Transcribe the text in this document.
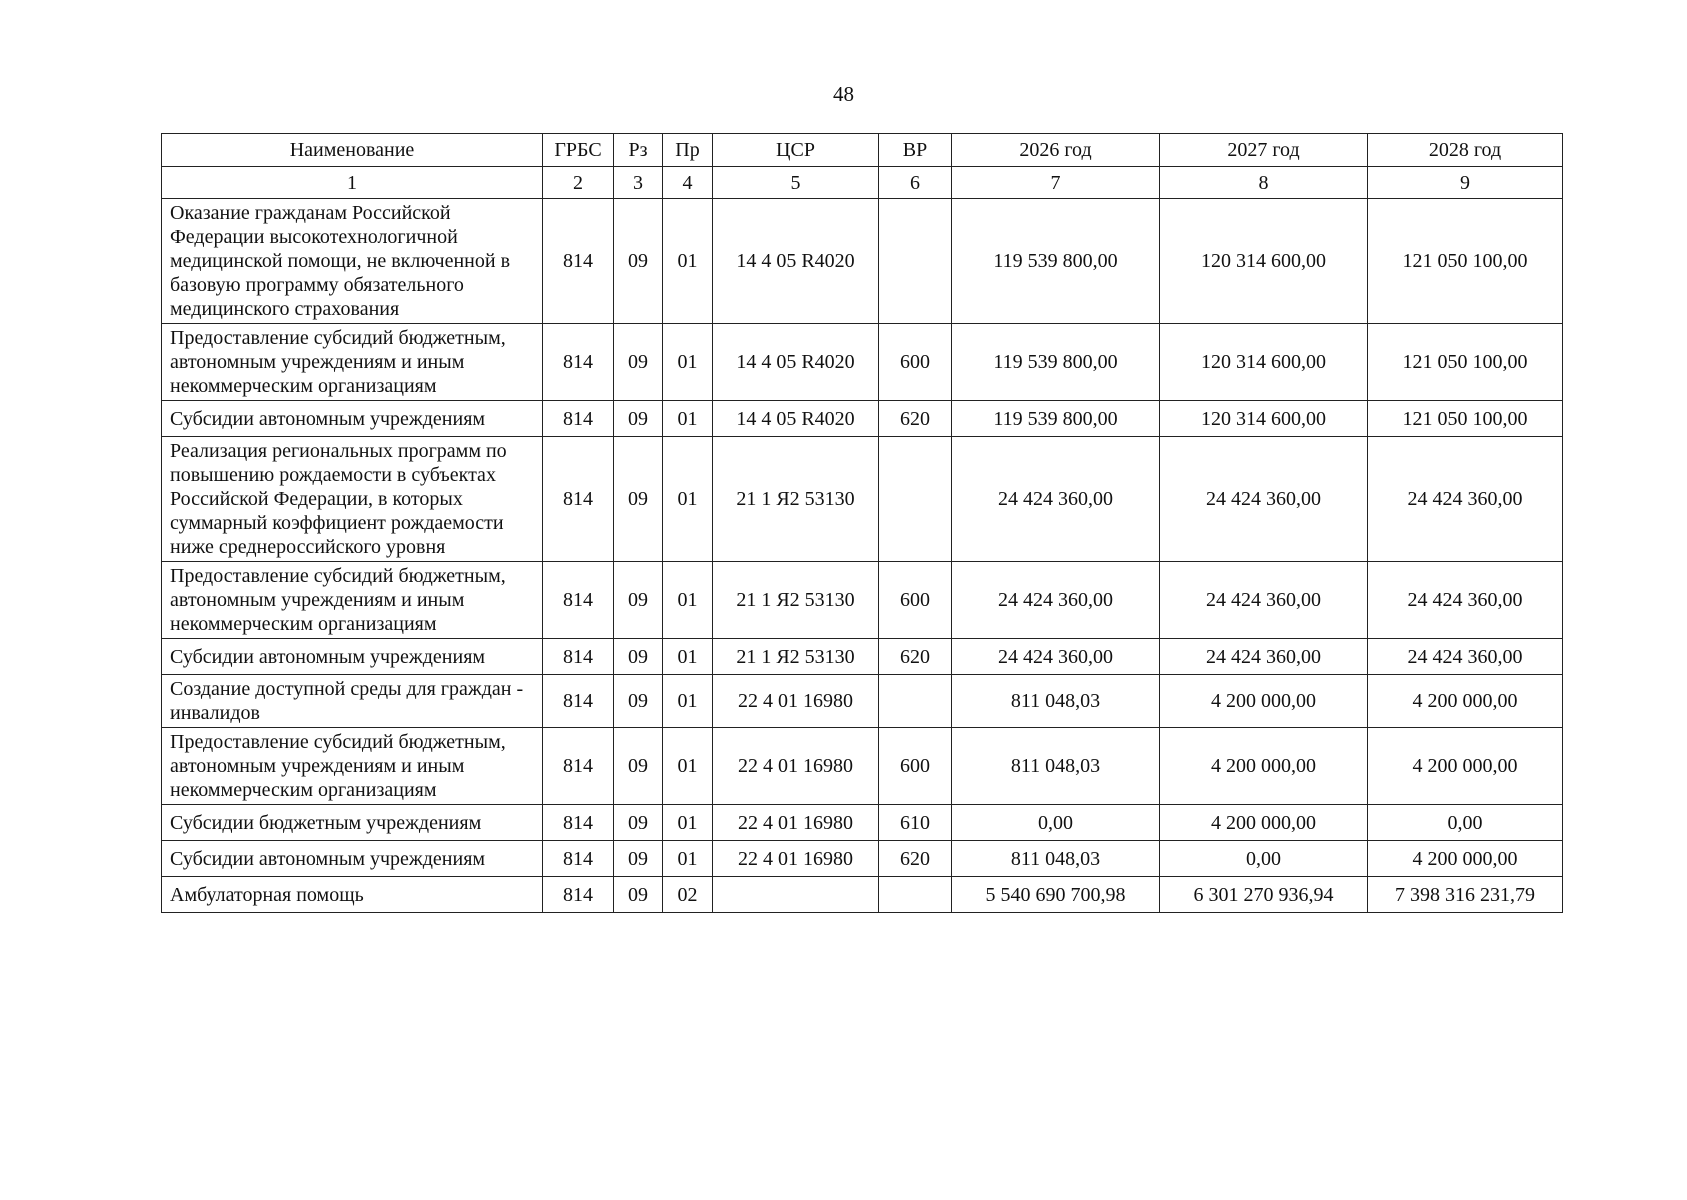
48
Наименование	ГРБС	Рз	Пр	ЦСР	ВР	2026 год	2027 год	2028 год
1	2	3	4	5	6	7	8	9
Оказание гражданам Российской Федерации высокотехнологичной медицинской помощи, не включенной в базовую программу обязательного медицинского страхования	814	09	01	14 4 05 R4020		119 539 800,00	120 314 600,00	121 050 100,00
Предоставление субсидий бюджетным, автономным учреждениям и иным некоммерческим организациям	814	09	01	14 4 05 R4020	600	119 539 800,00	120 314 600,00	121 050 100,00
Субсидии автономным учреждениям	814	09	01	14 4 05 R4020	620	119 539 800,00	120 314 600,00	121 050 100,00
Реализация региональных программ по повышению рождаемости в субъектах Российской Федерации, в которых суммарный коэффициент рождаемости ниже среднероссийского уровня	814	09	01	21 1 Я2 53130		24 424 360,00	24 424 360,00	24 424 360,00
Предоставление субсидий бюджетным, автономным учреждениям и иным некоммерческим организациям	814	09	01	21 1 Я2 53130	600	24 424 360,00	24 424 360,00	24 424 360,00
Субсидии автономным учреждениям	814	09	01	21 1 Я2 53130	620	24 424 360,00	24 424 360,00	24 424 360,00
Создание доступной среды для граждан - инвалидов	814	09	01	22 4 01 16980		811 048,03	4 200 000,00	4 200 000,00
Предоставление субсидий бюджетным, автономным учреждениям и иным некоммерческим организациям	814	09	01	22 4 01 16980	600	811 048,03	4 200 000,00	4 200 000,00
Субсидии бюджетным учреждениям	814	09	01	22 4 01 16980	610	0,00	4 200 000,00	0,00
Субсидии автономным учреждениям	814	09	01	22 4 01 16980	620	811 048,03	0,00	4 200 000,00
Амбулаторная помощь	814	09	02			5 540 690 700,98	6 301 270 936,94	7 398 316 231,79
